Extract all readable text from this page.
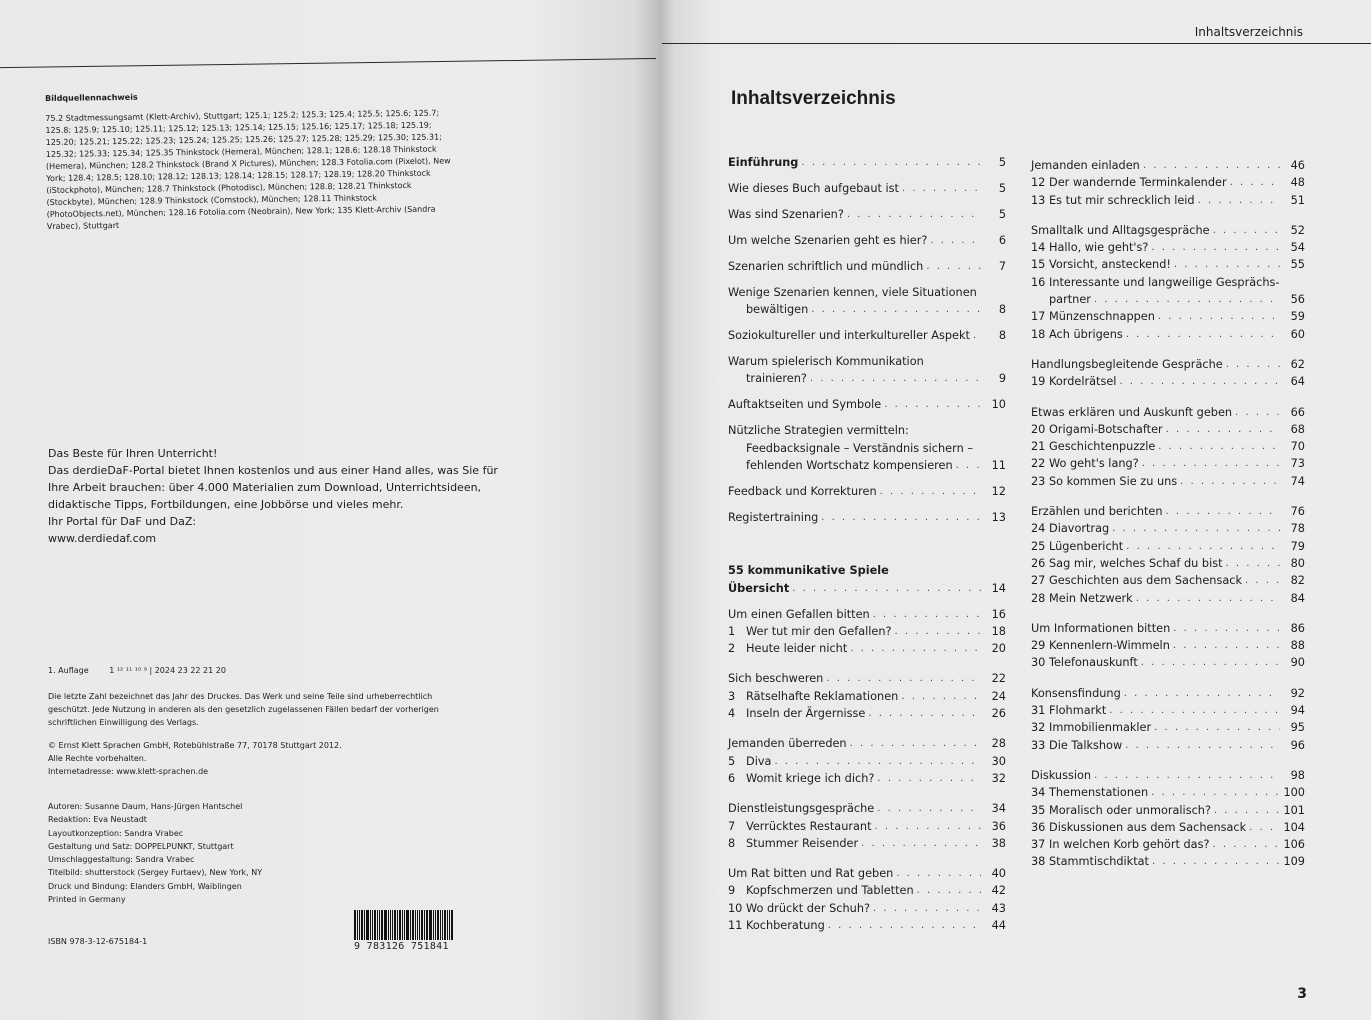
Bildquellennachweis

75.2 Stadtmessungsamt (Klett-Archiv), Stuttgart; 125.1; 125.2; 125.3; 125.4; 125.5; 125.6; 125.7; 125.8; 125.9; 125.10; 125.11; 125.12; 125.13; 125.14; 125.15; 125.16; 125.17; 125.18; 125.19; 125.20; 125.21; 125.22; 125.23; 125.24; 125.25; 125.26; 125.27; 125.28; 125.29; 125.30; 125.31; 125.32; 125.33; 125.34; 125.35 Thinkstock (Hemera), München; 128.1; 128.6; 128.18 Thinkstock (Hemera), München; 128.2 Thinkstock (Brand X Pictures), München; 128.3 Fotolia.com (Pixelot), New York; 128.4; 128.5; 128.10; 128.12; 128.13; 128.14; 128.15; 128.17; 128.19; 128.20 Thinkstock (iStockphoto), München; 128.7 Thinkstock (Photodisc), München; 128.8; 128.21 Thinkstock (Stockbyte), München; 128.9 Thinkstock (Comstock), München; 128.11 Thinkstock (PhotoObjects.net), München; 128.16 Fotolia.com (Neobrain), New York; 135 Klett-Archiv (Sandra Vrabec), Stuttgart

Das Beste für Ihren Unterricht!
Das derdieDaF-Portal bietet Ihnen kostenlos und aus einer Hand alles, was Sie für
Ihre Arbeit brauchen: über 4.000 Materialien zum Download, Unterrichtsideen,
didaktische Tipps, Fortbildungen, eine Jobbörse und vieles mehr.
Ihr Portal für DaF und DaZ:
www.derdiedaf.com
1. Auflage	1 ¹² ¹¹ ¹⁰ ⁹ | 2024 23 22 21 20

Die letzte Zahl bezeichnet das Jahr des Druckes. Das Werk und seine Teile sind urheberrechtlich geschützt. Jede Nutzung in anderen als den gesetzlich zugelassenen Fällen bedarf der vorherigen schriftlichen Einwilligung des Verlags.

© Ernst Klett Sprachen GmbH, Rotebühlstraße 77, 70178 Stuttgart 2012.
Alle Rechte vorbehalten.
Internetadresse: www.klett-sprachen.de

Autoren: Susanne Daum, Hans-Jürgen Hantschel
Redaktion: Eva Neustadt
Layoutkonzeption: Sandra Vrabec
Gestaltung und Satz: DOPPELPUNKT, Stuttgart
Umschlaggestaltung: Sandra Vrabec
Titelbild: shutterstock (Sergey Furtaev), New York, NY
Druck und Bindung: Elanders GmbH, Waiblingen
Printed in Germany
ISBN 978-3-12-675184-1	9 783126 751841
Inhaltsverzeichnis
Inhaltsverzeichnis
Einführung . . .	5
Wie dieses Buch aufgebaut ist . . .	5
Was sind Szenarien? . . .	5
Um welche Szenarien geht es hier? . . .	6
Szenarien schriftlich und mündlich . . .	7
Wenige Szenarien kennen, viele Situationen
bewältigen . . .	8
Soziokultureller und interkultureller Aspekt . . .	8
Warum spielerisch Kommunikation
trainieren? . . .	9
Auftaktseiten und Symbole . . .	10
Nützliche Strategien vermitteln:
Feedbacksignale – Verständnis sichern –
fehlenden Wortschatz kompensieren . . .	11
Feedback und Korrekturen . . .	12
Registertraining . . .	13
55 kommunikative Spiele
Übersicht . . .	14
Um einen Gefallen bitten . . .	16
1 Wer tut mir den Gefallen? . . .	18
2 Heute leider nicht . . .	20
Sich beschweren . . .	22
3 Rätselhafte Reklamationen . . .	24
4 Inseln der Ärgernisse . . .	26
Jemanden überreden . . .	28
5 Diva . . .	30
6 Womit kriege ich dich? . . .	32
Dienstleistungsgespräche . . .	34
7 Verrücktes Restaurant . . .	36
8 Stummer Reisender . . .	38
Um Rat bitten und Rat geben . . .	40
9 Kopfschmerzen und Tabletten . . .	42
10 Wo drückt der Schuh? . . .	43
11 Kochberatung . . .	44
Jemanden einladen . . .	46
12 Der wandernde Terminkalender . . .	48
13 Es tut mir schrecklich leid . . .	51
Smalltalk und Alltagsgespräche . . .	52
14 Hallo, wie geht's? . . .	54
15 Vorsicht, ansteckend! . . .	55
16 Interessante und langweilige Gesprächs-
partner . . .	56
17 Münzenschnappen . . .	59
18 Ach übrigens . . .	60
Handlungsbegleitende Gespräche . . .	62
19 Kordelrätsel . . .	64
Etwas erklären und Auskunft geben . . .	66
20 Origami-Botschafter . . .	68
21 Geschichtenpuzzle . . .	70
22 Wo geht's lang? . . .	73
23 So kommen Sie zu uns . . .	74
Erzählen und berichten . . .	76
24 Diavortrag . . .	78
25 Lügenbericht . . .	79
26 Sag mir, welches Schaf du bist . . .	80
27 Geschichten aus dem Sachensack . . .	82
28 Mein Netzwerk . . .	84
Um Informationen bitten . . .	86
29 Kennenlern-Wimmeln . . .	88
30 Telefonauskunft . . .	90
Konsensfindung . . .	92
31 Flohmarkt . . .	94
32 Immobilienmakler . . .	95
33 Die Talkshow . . .	96
Diskussion . . .	98
34 Themenstationen . . .	100
35 Moralisch oder unmoralisch? . . .	101
36 Diskussionen aus dem Sachensack . . .	104
37 In welchen Korb gehört das? . . .	106
38 Stammtischdiktat . . .	109
3
